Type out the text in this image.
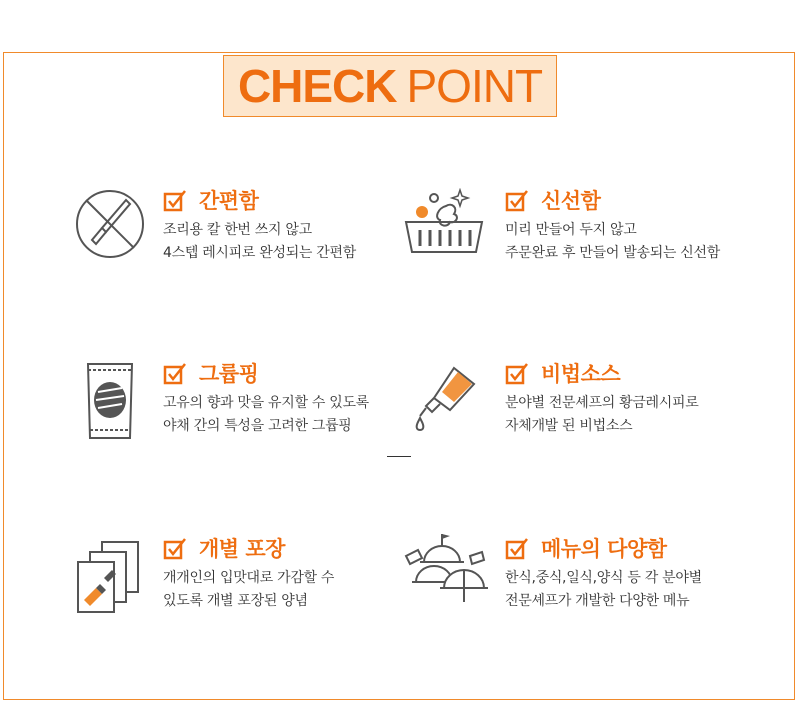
CHECK POINT
간편함
조리용 칼 한번 쓰지 않고
4스텝 레시피로 완성되는 간편함
신선함
미리 만들어 두지 않고
주문완료 후 만들어 발송되는 신선함
그륩핑
고유의 향과 맛을 유지할 수 있도록
야채 간의 특성을 고려한 그륩핑
비법소스
분야별 전문셰프의 황금레시피로
자체개발 된 비법소스
개별 포장
개개인의 입맛대로 가감할 수
있도록 개별 포장된 양념
메뉴의 다양함
한식,중식,일식,양식 등 각 분야별
전문셰프가 개발한 다양한 메뉴
